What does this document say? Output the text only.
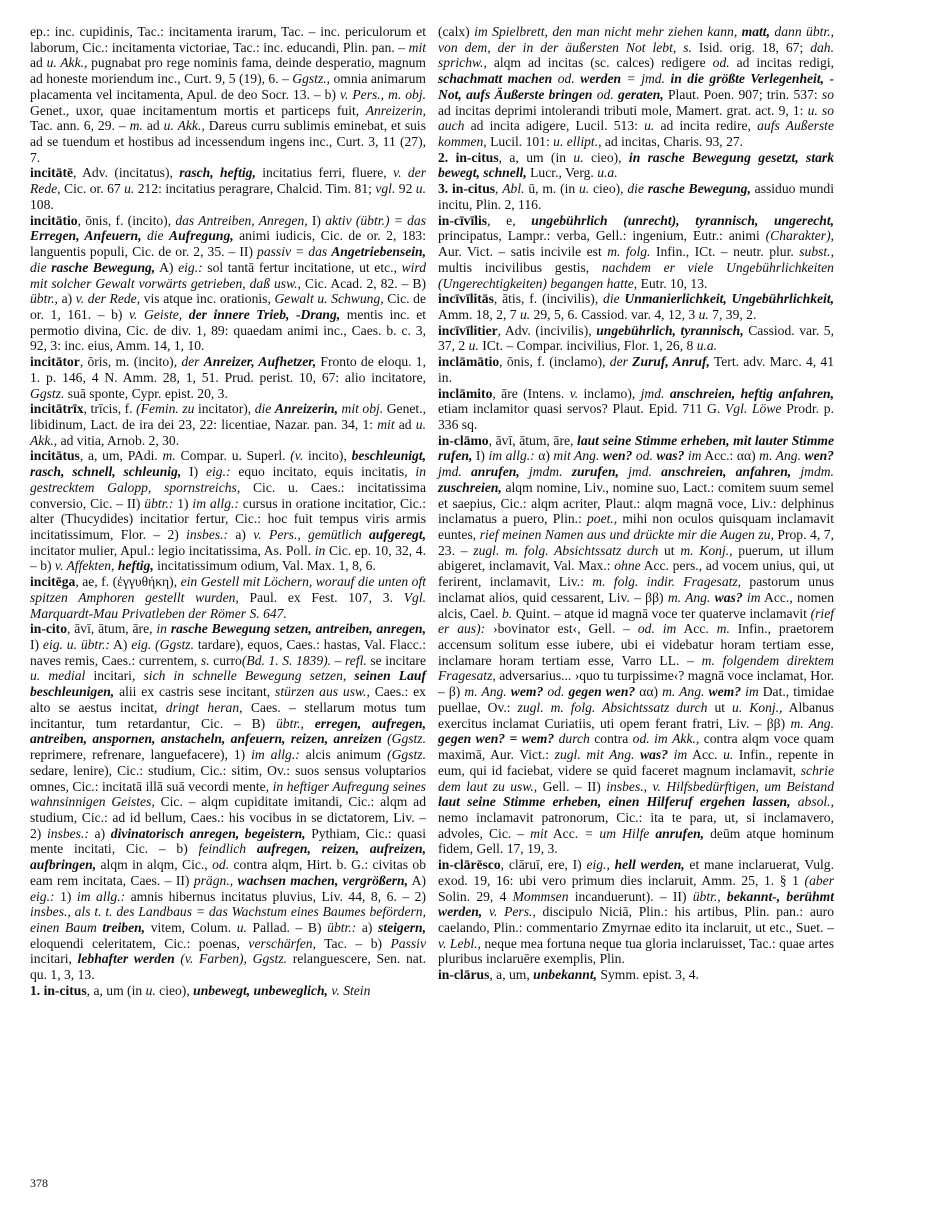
ep.: inc. cupidinis, Tac.: incitamenta irarum, Tac. – inc. periculorum et laborum, Cic.: incitamenta victoriae, Tac.: inc. educandi, Plin. pan. – mit ad u. Akk., pugnabat pro rege nominis fama, deinde desperatio, magnum ad honeste moriendum inc., Curt. 9, 5 (19), 6. – Ggstz., omnia animarum placamenta vel incitamenta, Apul. de deo Socr. 13. – b) v. Pers., m. obj. Genet., uxor, quae incitamentum mortis et particeps fuit, Anreizerin, Tac. ann. 6, 29. – m. ad u. Akk., Dareus curru sublimis eminebat, et suis ad se tuendum et hostibus ad incessendum ingens inc., Curt. 3, 11 (27), 7.

incitātē, Adv. (incitatus), rasch, heftig, incitatius ferri, fluere, v. der Rede, Cic. or. 67 u. 212: incitatius peragrare, Chalcid. Tim. 81; vgl. 92 u. 108.

incitātio, ōnis, f. (incito), das Antreiben, Anregen, I) aktiv (übtr.) = das Erregen, Anfeuern, die Aufregung, animi iudicis, Cic. de or. 2, 183: languentis populi, Cic. de or. 2, 35. – II) passiv = das Angetriebensein, die rasche Bewegung, A) eig.: sol tantā fertur incitatione, ut etc., wird mit solcher Gewalt vorwärts getrieben, daß usw., Cic. Acad. 2, 82. – B) übtr., a) v. der Rede, vis atque inc. orationis, Gewalt u. Schwung, Cic. de or. 1, 161. – b) v. Geiste, der innere Trieb, -Drang, mentis inc. et permotio divina, Cic. de div. 1, 89: quaedam animi inc., Caes. b. c. 3, 92, 3: inc. eius, Amm. 14, 1, 10.

incitātor, ōris, m. (incito), der Anreizer, Aufhetzer, Fronto de eloqu. 1, 1. p. 146, 4 N. Amm. 28, 1, 51. Prud. perist. 10, 67: alio incitatore, Ggstz. suā sponte, Cypr. epist. 20, 3.

incitātrīx, trīcis, f. (Femin. zu incitator), die Anreizerin, mit obj. Genet., libidinum, Lact. de ira dei 23, 22: licentiae, Nazar. pan. 34, 1: mit ad u. Akk., ad vitia, Arnob. 2, 30.

incitātus, a, um, PAdi. m. Compar. u. Superl. (v. incito), beschleunigt, rasch, schnell, schleunig, I) eig.: equo incitato, equis incitatis, in gestrecktem Galopp, spornstreichs, Cic. u. Caes.: incitatissima conversio, Cic. – II) übtr.: 1) im allg.: cursus in oratione incitatior, Cic.: alter (Thucydides) incitatior fertur, Cic.: hoc fuit tempus viris armis incitatissimum, Flor. – 2) insbes.: a) v. Pers., gemütlich aufgeregt, incitator mulier, Apul.: legio incitatissima, As. Poll. in Cic. ep. 10, 32, 4. – b) v. Affekten, heftig, incitatissimum odium, Val. Max. 1, 8, 6.

incitēga, ae, f. (ἐγγυθήκη), ein Gestell mit Löchern, worauf die unten oft spitzen Amphoren gestellt wurden, Paul. ex Fest. 107, 3. Vgl. Marquardt-Mau Privatleben der Römer S. 647.

in-cito, āvī, ātum, āre, in rasche Bewegung setzen, antreiben, anregen, I) eig. u. übtr.: A) eig. (Ggstz. tardare), equos, Caes.: hastas, Val. Flacc.: naves remis, Caes.: currentem, s. curro(Bd. 1. S. 1839). – refl. se incitare u. medial incitari, sich in schnelle Bewegung setzen, seinen Lauf beschleunigen, alii ex castris sese incitant, stürzen aus usw., Caes.: ex alto se aestus incitat, dringt heran, Caes. – stellarum motus tum incitantur, tum retardantur, Cic. – B) übtr., erregen, aufregen, antreiben, anspornen, anstacheln, anfeuern, reizen, anreizen (Ggstz. reprimere, refrenare, languefacere), 1) im allg.: alcis animum (Ggstz. sedare, lenire), Cic.: studium, Cic.: sitim, Ov.: suos sensus voluptarios omnes, Cic.: incitatā illā suā vecordi mente, in heftiger Aufregung seines wahnsinnigen Geistes, Cic. – alqm cupiditate imitandi, Cic.: alqm ad studium, Cic.: ad id bellum, Caes.: his vocibus in se dictatorem, Liv. – 2) insbes.: a) divinatorisch anregen, begeistern, Pythiam, Cic.: quasi mente incitati, Cic. – b) feindlich aufregen, reizen, aufreizen, aufbringen, alqm in alqm, Cic., od. contra alqm, Hirt. b. G.: civitas ob eam rem incitata, Caes. – II) prägn., wachsen machen, vergrößern, A) eig.: 1) im allg.: amnis hibernus incitatus pluvius, Liv. 44, 8, 6. – 2) insbes., als t. t. des Landbaus = das Wachstum eines Baumes befördern, einen Baum treiben, vitem, Colum. u. Pallad. – B) übtr.: a) steigern, eloquendi celeritatem, Cic.: poenas, verschärfen, Tac. – b) Passiv incitari, lebhafter werden (v. Farben), Ggstz. relanguescere, Sen. nat. qu. 1, 3, 13.

1. in-citus, a, um (in u. cieo), unbewegt, unbeweglich, v. Stein

(calx) im Spielbrett, den man nicht mehr ziehen kann, matt, dann übtr., von dem, der in der äußersten Not lebt, s. Isid. orig. 18, 67; dah. sprichw., alqm ad incitas (sc. calces) redigere od. ad incitas redigi, schachmatt machen od. werden = jmd. in die größte Verlegenheit, -Not, aufs Äußerste bringen od. geraten, Plaut. Poen. 907; trin. 537: so ad incitas deprimi intolerandi tributi mole, Mamert. grat. act. 9, 1: u. so auch ad incita adigere, Lucil. 513: u. ad incita redire, aufs Außerste kommen, Lucil. 101: u. ellipt., ad incitas, Charis. 93, 27.

2. in-citus, a, um (in u. cieo), in rasche Bewegung gesetzt, stark bewegt, schnell, Lucr., Verg. u.a.

3. in-citus, Abl. ū, m. (in u. cieo), die rasche Bewegung, assiduo mundi incitu, Plin. 2, 116.

in-cīvīlis, e, ungebührlich (unrecht), tyrannisch, ungerecht, principatus, Lampr.: verba, Gell.: ingenium, Eutr.: animi (Charakter), Aur. Vict. – satis incivile est m. folg. Infin., ICt. – neutr. plur. subst., multis incivilibus gestis, nachdem er viele Ungebührlichkeiten (Ungerechtigkeiten) begangen hatte, Eutr. 10, 13.

incīvīlitās, ātis, f. (incivilis), die Unmanierlichkeit, Ungebührlichkeit, Amm. 18, 2, 7 u. 29, 5, 6. Cassiod. var. 4, 12, 3 u. 7, 39, 2.

incīvīlitier, Adv. (incivilis), ungebührlich, tyrannisch, Cassiod. var. 5, 37, 2 u. ICt. – Compar. incivilius, Flor. 1, 26, 8 u.a.

inclāmātio, ōnis, f. (inclamo), der Zuruf, Anruf, Tert. adv. Marc. 4, 41 in.

inclāmito, āre (Intens. v. inclamo), jmd. anschreien, heftig anfahren, etiam inclamitor quasi servos? Plaut. Epid. 711 G. Vgl. Löwe Prodr. p. 336 sq.

in-clāmo, āvī, ātum, āre, laut seine Stimme erheben, mit lauter Stimme rufen, I) im allg.: α) mit Ang. wen? od. was? im Acc.: αα) m. Ang. wen? jmd. anrufen, jmdm. zurufen, jmd. anschreien, anfahren, jmdm. zuschreien, alqm nomine, Liv., nomine suo, Lact.: comitem suum semel et saepius, Cic.: alqm acriter, Plaut.: alqm magnā voce, Liv.: delphinus inclamatus a puero, Plin.: poet., mihi non oculos quisquam inclamavit euntes, rief meinen Namen aus und drückte mir die Augen zu, Prop. 4, 7, 23. – zugl. m. folg. Absichtssatz durch ut m. Konj., puerum, ut illum abigeret, inclamavit, Val. Max.: ohne Acc. pers., ad vocem unius, qui, ut ferirent, inclamavit, Liv.: m. folg. indir. Fragesatz, pastorum unus inclamat alios, quid cessarent, Liv. – ββ) m. Ang. was? im Acc., nomen alcis, Cael. b. Quint. – atque id magnā voce ter quaterve inclamavit (rief er aus): ›bovinator est‹, Gell. – od. im Acc. m. Infin., praetorem accensum solitum esse iubere, ubi ei videbatur horam tertiam esse, inclamare horam tertiam esse, Varro LL. – m. folgendem direktem Fragesatz, adversarius... ›quo tu turpissime‹? magnā voce inclamat, Hor. – β) m. Ang. wem? od. gegen wen? αα) m. Ang. wem? im Dat., timidae puellae, Ov.: zugl. m. folg. Absichtssatz durch ut u. Konj., Albanus exercitus inclamat Curiatiis, uti opem ferant fratri, Liv. – ββ) m. Ang. gegen wen? = wem? durch contra od. im Akk., contra alqm voce quam maximā, Aur. Vict.: zugl. mit Ang. was? im Acc. u. Infin., repente in eum, qui id faciebat, videre se quid faceret magnum inclamavit, schrie dem laut zu usw., Gell. – II) insbes., v. Hilfsbedürftigen, um Beistand laut seine Stimme erheben, einen Hilferuf ergehen lassen, absol., nemo inclamavit patronorum, Cic.: ita te para, ut, si inclamavero, advoles, Cic. – mit Acc. = um Hilfe anrufen, deūm atque hominum fidem, Gell. 17, 19, 3.

in-clārēsco, clāruī, ere, I) eig., hell werden, et mane inclaruerat, Vulg. exod. 19, 16: ubi vero primum dies inclaruit, Amm. 25, 1. § 1 (aber Solin. 29, 4 Mommsen incanduerunt). – II) übtr., bekannt-, berühmt werden, v. Pers., discipulo Niciā, Plin.: his artibus, Plin. pan.: auro caelando, Plin.: commentario Zmyrnae edito ita inclaruit, ut etc., Suet. – v. Lebl., neque mea fortuna neque tua gloria inclaruisset, Tac.: quae artes pluribus inclaruēre exemplis, Plin.

in-clārus, a, um, unbekannt, Symm. epist. 3, 4.

378
